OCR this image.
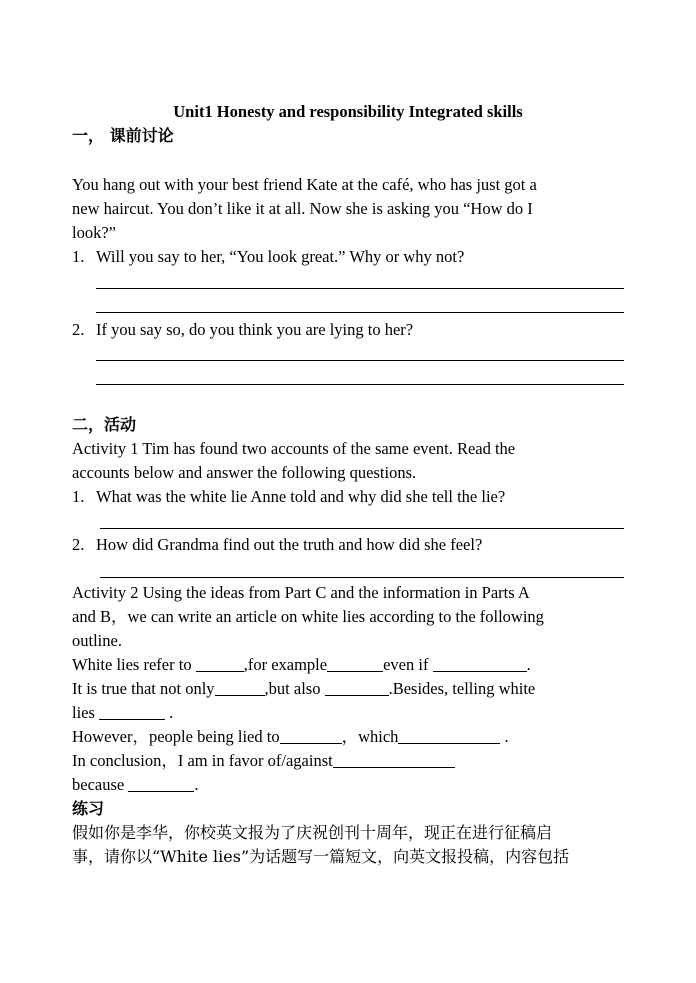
Unit1 Honesty and responsibility Integrated skills
一， 课前讨论
You hang out with your best friend Kate at the café, who has just got a
new haircut. You don’t like it at all. Now she is asking you “How do I
look?”
1. Will you say to her, “You look great.” Why or why not?
2. If you say so, do you think you are lying to her?
二，活动
Activity 1 Tim has found two accounts of the same event. Read the
accounts below and answer the following questions.
1. What was the white lie Anne told and why did she tell the lie?
2. How did Grandma find out the truth and how did she feel?
Activity 2 Using the ideas from Part C and the information in Parts A
and B，we can write an article on white lies according to the following
outline.
White lies refer to	,for example	even if	.
It is true that not only	,but also	.Besides, telling white
lies	.
However，people being lied to	，which	.
In conclusion，I am in favor of/against
because	.
练习
假如你是李华，你校英文报为了庆祝创刊十周年，现正在进行征稿启
事，请你以“White lies”为话题写一篇短文，向英文报投稿，内容包括
